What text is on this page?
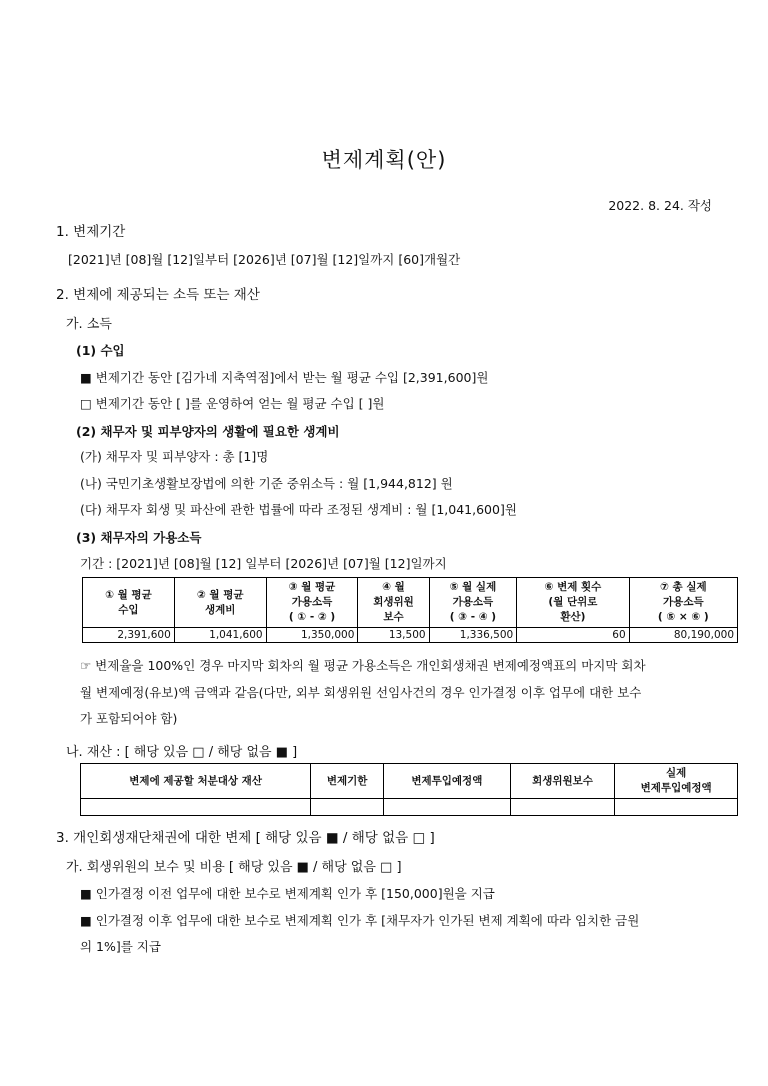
변제계획(안)
2022. 8. 24. 작성
1. 변제기간
[2021]년 [08]월 [12]일부터 [2026]년 [07]월 [12]일까지 [60]개월간
2. 변제에 제공되는 소득 또는 재산
가. 소득
(1) 수입
■ 변제기간 동안 [김가네 지축역점]에서 받는 월 평균 수입 [2,391,600]원
□ 변제기간 동안 [ ]를 운영하여 얻는 월 평균 수입 [ ]원
(2) 채무자 및 피부양자의 생활에 필요한 생계비
(가) 채무자 및 피부양자 : 총 [1]명
(나) 국민기초생활보장법에 의한 기준 중위소득 : 월 [1,944,812] 원
(다) 채무자 회생 및 파산에 관한 법률에 따라 조정된 생계비 : 월 [1,041,600]원
(3) 채무자의 가용소득
기간 : [2021]년 [08]월 [12] 일부터 [2026]년 [07]월 [12]일까지
① 월 평균
수입	② 월 평균
생계비	③ 월 평균
가용소득
( ① - ② )	④ 월
회생위원
보수	⑤ 월 실제
가용소득
( ③ - ④ )	⑥ 변제 횟수
(월 단위로
환산)	⑦ 총 실제
가용소득
( ⑤ × ⑥ )
2,391,600	1,041,600	1,350,000	13,500	1,336,500	60	80,190,000
☞ 변제율을 100%인 경우 마지막 회차의 월 평균 가용소득은 개인회생채권 변제예정액표의 마지막 회차
월 변제예정(유보)액 금액과 같음(다만, 외부 회생위원 선임사건의 경우 인가결정 이후 업무에 대한 보수
가 포함되어야 함)
나. 재산 : [ 해당 있음 □ / 해당 없음 ■ ]
변제에 제공할 처분대상 재산	변제기한	변제투입예정액	회생위원보수	실제
변제투입예정액

3. 개인회생재단채권에 대한 변제 [ 해당 있음 ■ / 해당 없음 □ ]
가. 회생위원의 보수 및 비용 [ 해당 있음 ■ / 해당 없음 □ ]
■ 인가결정 이전 업무에 대한 보수로 변제계획 인가 후 [150,000]원을 지급
■ 인가결정 이후 업무에 대한 보수로 변제계획 인가 후 [채무자가 인가된 변제 계획에 따라 임치한 금원
의 1%]를 지급
